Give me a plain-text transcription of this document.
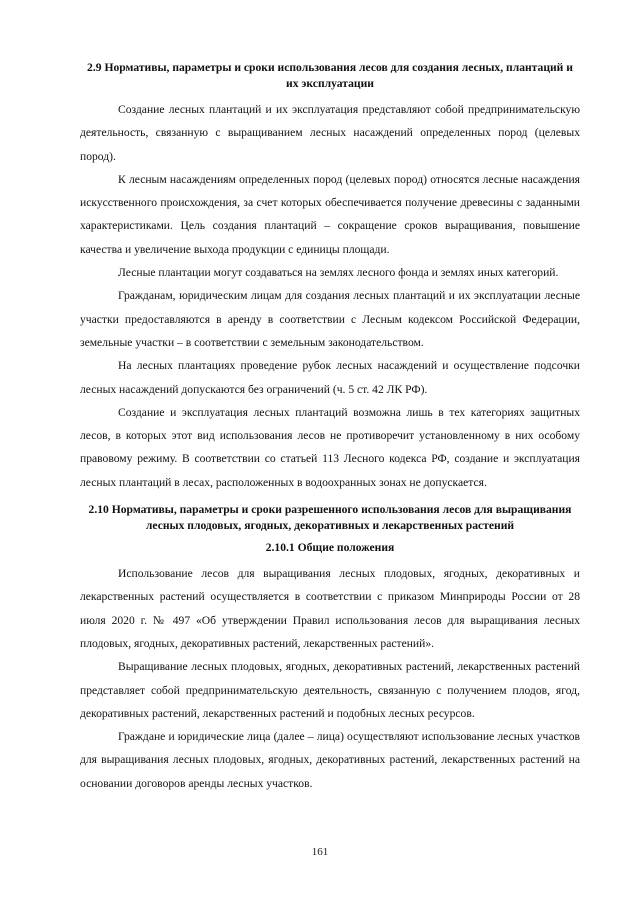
2.9 Нормативы, параметры и сроки использования лесов для создания лесных, плантаций и их эксплуатации

Создание лесных плантаций и их эксплуатация представляют собой предпринимательскую деятельность, связанную с выращиванием лесных насаждений определенных пород (целевых пород).

К лесным насаждениям определенных пород (целевых пород) относятся лесные насаждения искусственного происхождения, за счет которых обеспечивается получение древесины с заданными характеристиками. Цель создания плантаций – сокращение сроков выращивания, повышение качества и увеличение выхода продукции с единицы площади.

Лесные плантации могут создаваться на землях лесного фонда и землях иных категорий.

Гражданам, юридическим лицам для создания лесных плантаций и их эксплуатации лесные участки предоставляются в аренду в соответствии с Лесным кодексом Российской Федерации, земельные участки – в соответствии с земельным законодательством.

На лесных плантациях проведение рубок лесных насаждений и осуществление подсочки лесных насаждений допускаются без ограничений (ч. 5 ст. 42 ЛК РФ).

Создание и эксплуатация лесных плантаций возможна лишь в тех категориях защитных лесов, в которых этот вид использования лесов не противоречит установленному в них особому правовому режиму. В соответствии со статьей 113 Лесного кодекса РФ, создание и эксплуатация лесных плантаций в лесах, расположенных в водоохранных зонах не допускается.

2.10 Нормативы, параметры и сроки разрешенного использования лесов для выращивания лесных плодовых, ягодных, декоративных и лекарственных растений
2.10.1 Общие положения

Использование лесов для выращивания лесных плодовых, ягодных, декоративных и лекарственных растений осуществляется в соответствии с приказом Минприроды России от 28 июля 2020 г. № 497 «Об утверждении Правил использования лесов для выращивания лесных плодовых, ягодных, декоративных растений, лекарственных растений».

Выращивание лесных плодовых, ягодных, декоративных растений, лекарственных растений представляет собой предпринимательскую деятельность, связанную с получением плодов, ягод, декоративных растений, лекарственных растений и подобных лесных ресурсов.

Граждане и юридические лица (далее – лица) осуществляют использование лесных участков для выращивания лесных плодовых, ягодных, декоративных растений, лекарственных растений на основании договоров аренды лесных участков.

161
